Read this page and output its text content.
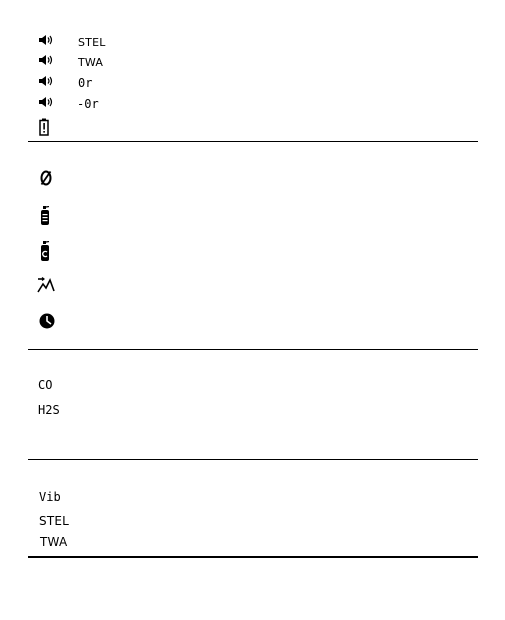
STEL
TWA
0r
-0r
CO
H2S
Vib
STEL
TWA
